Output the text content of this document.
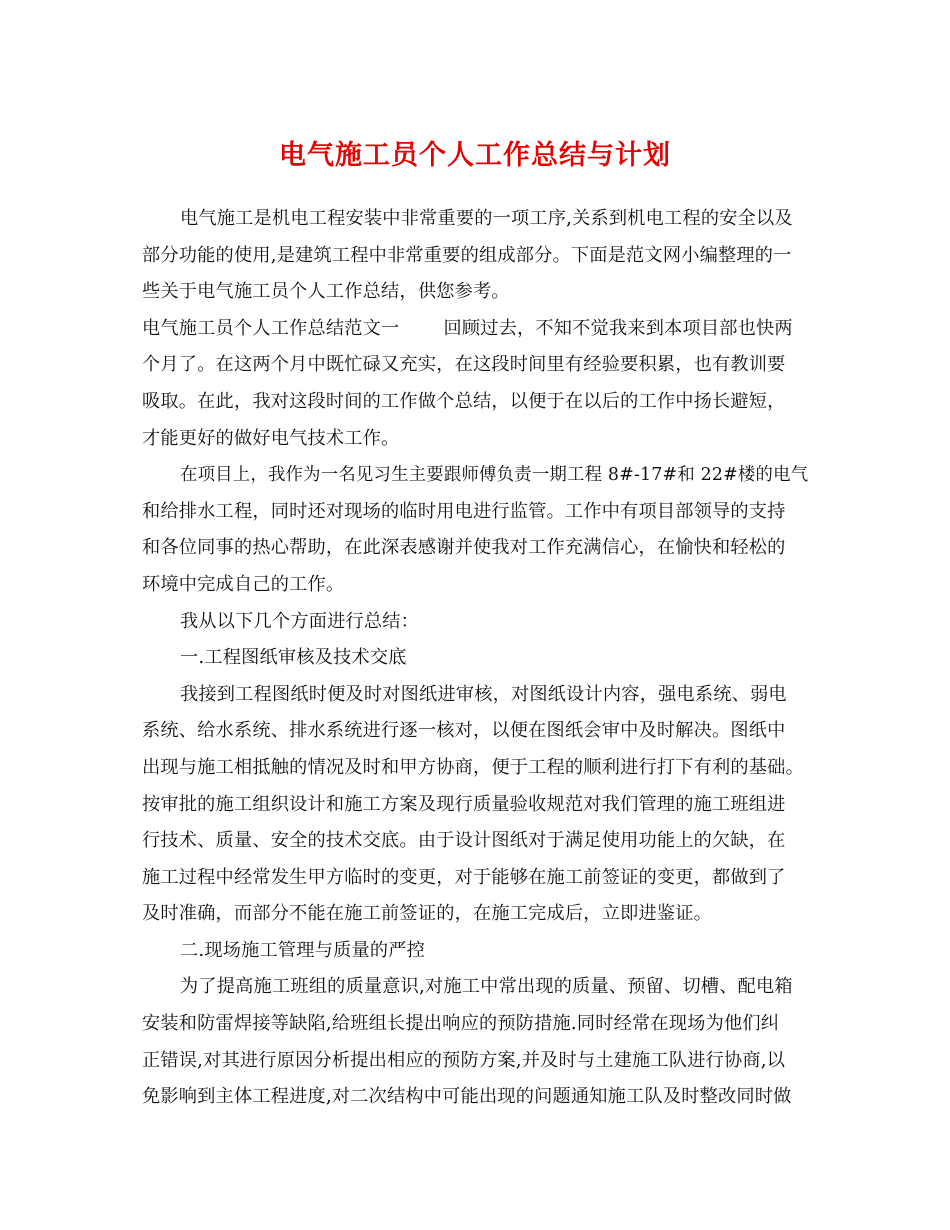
电气施工员个人工作总结与计划
电气施工是机电工程安装中非常重要的一项工序,关系到机电工程的安全以及
部分功能的使用,是建筑工程中非常重要的组成部分。下面是范文网小编整理的一
些关于电气施工员个人工作总结，供您参考。
电气施工员个人工作总结范文一 回顾过去，不知不觉我来到本项目部也快两
个月了。在这两个月中既忙碌又充实，在这段时间里有经验要积累，也有教训要
吸取。在此，我对这段时间的工作做个总结，以便于在以后的工作中扬长避短，
才能更好的做好电气技术工作。
在项目上，我作为一名见习生主要跟师傅负责一期工程 8#-17#和 22#楼的电气
和给排水工程，同时还对现场的临时用电进行监管。工作中有项目部领导的支持
和各位同事的热心帮助，在此深表感谢并使我对工作充满信心，在愉快和轻松的
环境中完成自己的工作。
我从以下几个方面进行总结：
一.工程图纸审核及技术交底
我接到工程图纸时便及时对图纸进审核，对图纸设计内容，强电系统、弱电
系统、给水系统、排水系统进行逐一核对，以便在图纸会审中及时解决。图纸中
出现与施工相抵触的情况及时和甲方协商，便于工程的顺利进行打下有利的基础。
按审批的施工组织设计和施工方案及现行质量验收规范对我们管理的施工班组进
行技术、质量、安全的技术交底。由于设计图纸对于满足使用功能上的欠缺，在
施工过程中经常发生甲方临时的变更，对于能够在施工前签证的变更，都做到了
及时准确，而部分不能在施工前签证的，在施工完成后，立即进鉴证。
二.现场施工管理与质量的严控
为了提高施工班组的质量意识,对施工中常出现的质量、预留、切槽、配电箱
安装和防雷焊接等缺陷,给班组长提出响应的预防措施.同时经常在现场为他们纠
正错误,对其进行原因分析提出相应的预防方案,并及时与土建施工队进行协商,以
免影响到主体工程进度,对二次结构中可能出现的问题通知施工队及时整改同时做
